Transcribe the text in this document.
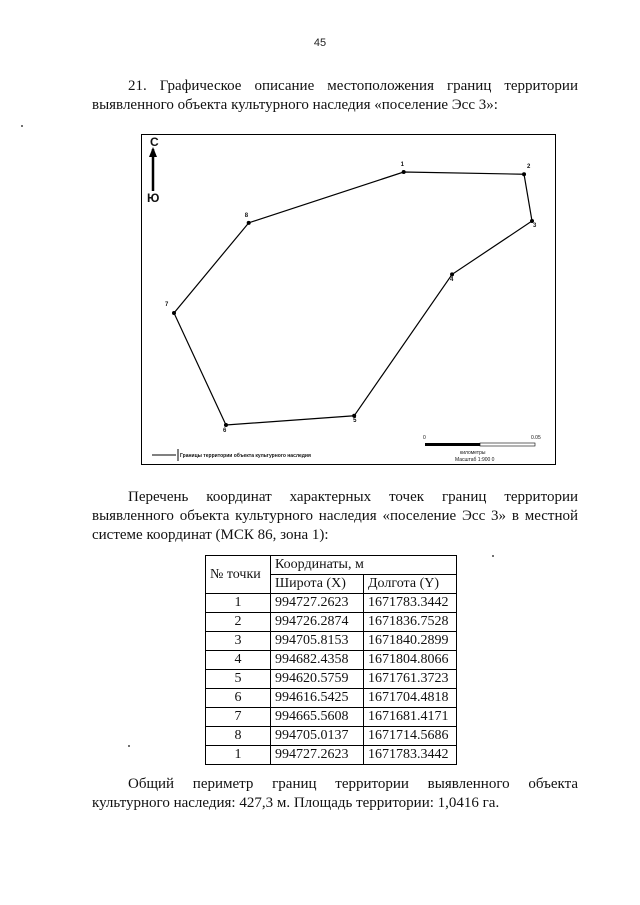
45

21. Графическое описание местоположения границ территории
выявленного объекта культурного наследия «поселение Эсс 3»:

С
Ю
1	2
3
4
5
6
7
8
Границы территории объекта культурного наследия
0	0.05
километры
Масштаб 1:900 0

Перечень координат характерных точек границ территории
выявленного объекта культурного наследия «поселение Эсс 3» в местной
системе координат (МСК 86, зона 1):

№ точки	Координаты, м	
	Широта (X)	Долгота (Y)
1	994727.2623	1671783.3442
2	994726.2874	1671836.7528
3	994705.8153	1671840.2899
4	994682.4358	1671804.8066
5	994620.5759	1671761.3723
6	994616.5425	1671704.4818
7	994665.5608	1671681.4171
8	994705.0137	1671714.5686
1	994727.2623	1671783.3442

Общий периметр границ территории выявленного объекта
культурного наследия: 427,3 м. Площадь территории: 1,0416 га.
